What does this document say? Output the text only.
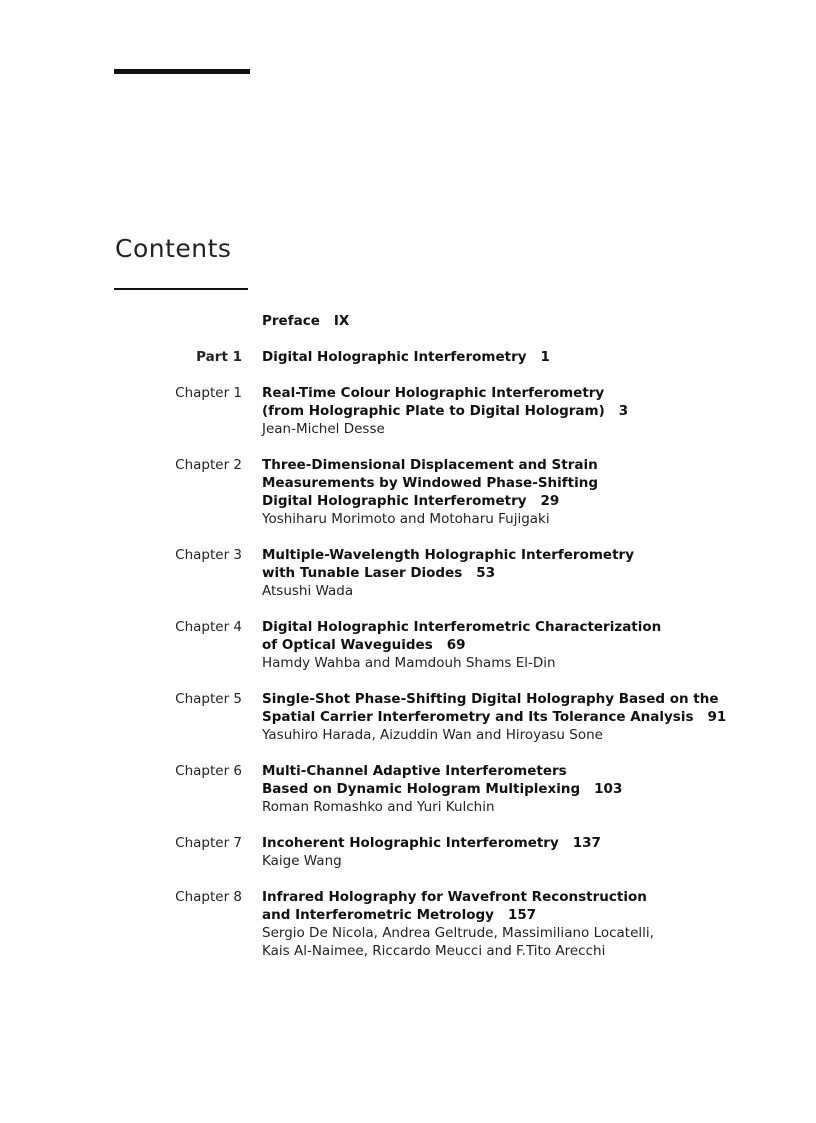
Contents
Preface IX
Part 1 Digital Holographic Interferometry 1
Chapter 1 Real-Time Colour Holographic Interferometry
(from Holographic Plate to Digital Hologram) 3
Jean-Michel Desse
Chapter 2 Three-Dimensional Displacement and Strain
Measurements by Windowed Phase-Shifting
Digital Holographic Interferometry 29
Yoshiharu Morimoto and Motoharu Fujigaki
Chapter 3 Multiple-Wavelength Holographic Interferometry
with Tunable Laser Diodes 53
Atsushi Wada
Chapter 4 Digital Holographic Interferometric Characterization
of Optical Waveguides 69
Hamdy Wahba and Mamdouh Shams El-Din
Chapter 5 Single-Shot Phase-Shifting Digital Holography Based on the
Spatial Carrier Interferometry and Its Tolerance Analysis 91
Yasuhiro Harada, Aizuddin Wan and Hiroyasu Sone
Chapter 6 Multi-Channel Adaptive Interferometers
Based on Dynamic Hologram Multiplexing 103
Roman Romashko and Yuri Kulchin
Chapter 7 Incoherent Holographic Interferometry 137
Kaige Wang
Chapter 8 Infrared Holography for Wavefront Reconstruction
and Interferometric Metrology 157
Sergio De Nicola, Andrea Geltrude, Massimiliano Locatelli,
Kais Al-Naimee, Riccardo Meucci and F.Tito Arecchi
